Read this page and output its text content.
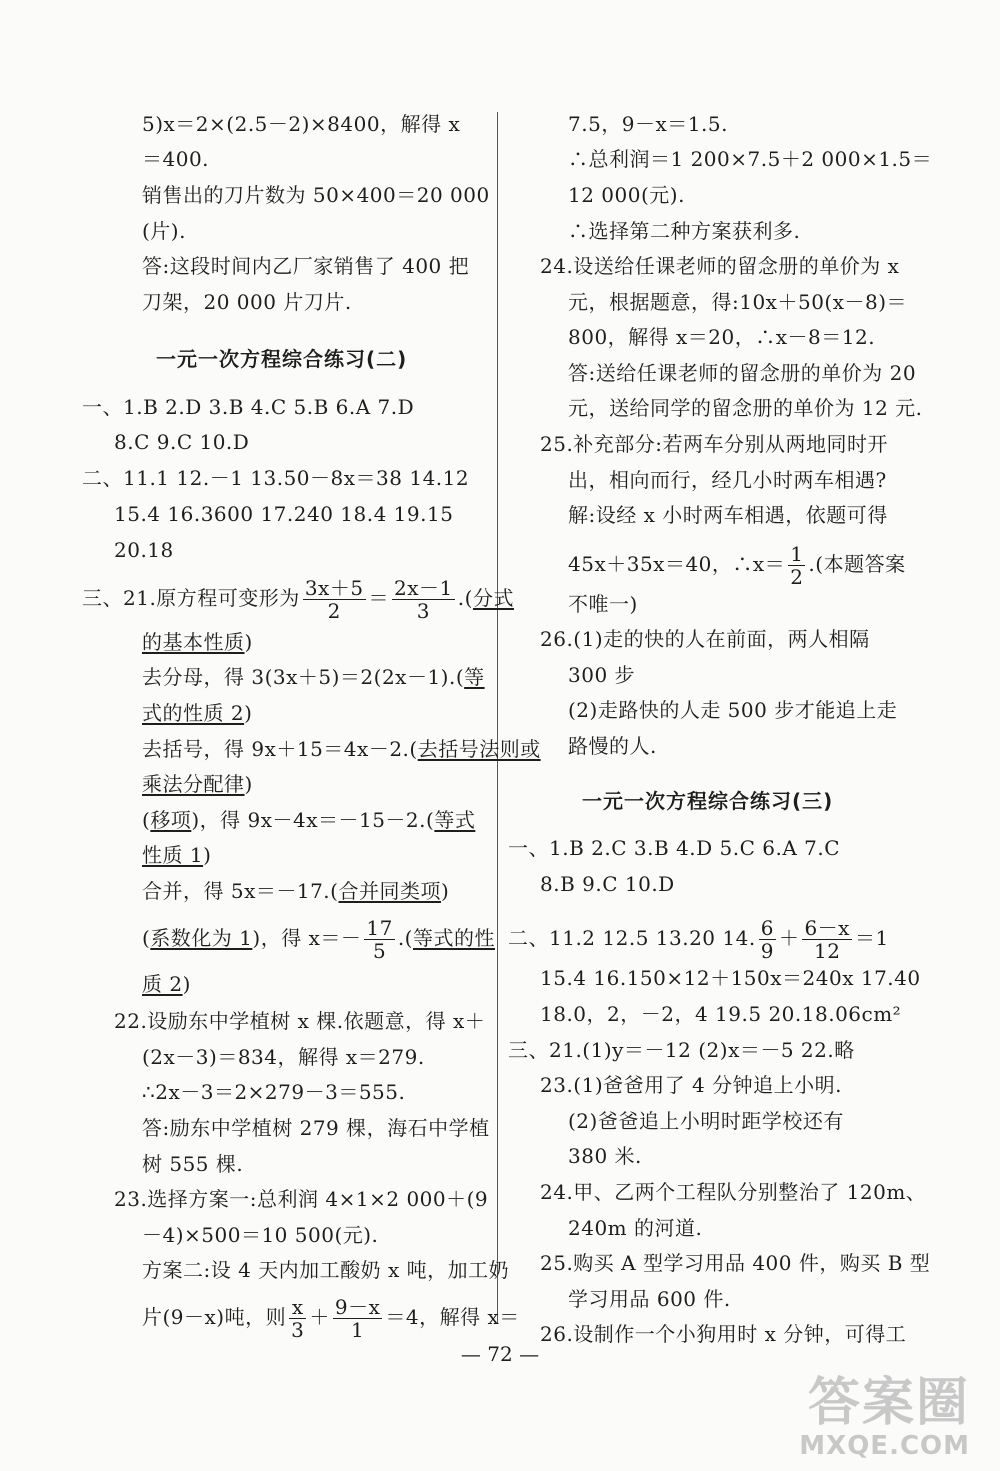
5)x＝2×(2.5－2)×8400，解得 x
＝400.
销售出的刀片数为 50×400＝20 000
(片).
答:这段时间内乙厂家销售了 400 把
刀架，20 000 片刀片.
一元一次方程综合练习(二)
一、1.B 2.D 3.B 4.C 5.B 6.A 7.D
8.C 9.C 10.D
二、11.1 12.－1 13.50－8x＝38 14.12
15.4 16.3600 17.240 18.4 19.15
20.18
三、21.原方程可变形为 $\frac{3x+5}{2} = \frac{2x-1}{3}$ .(分式
的基本性质)
去分母，得 3(3x＋5)＝2(2x－1).(等
式的性质 2)
去括号，得 9x＋15＝4x－2.(去括号法则或
乘法分配律)
(移项)，得 9x－4x＝－15－2.(等式
性质 1)
合并，得 5x＝－17.(合并同类项)
(系数化为 1)，得 $x=- \frac{17}{5}$ .(等式的性
质 2)
22.设励东中学植树 x 棵.依题意，得 x＋
(2x－3)＝834，解得 x＝279.
∴2x－3＝2×279－3＝555.
答:励东中学植树 279 棵，海石中学植
树 555 棵.
23.选择方案一:总利润 4×1×2 000＋(9
－4)×500＝10 500(元).
方案二:设 4 天内加工酸奶 x 吨，加工奶
片(9－x)吨，则 $\frac{x}{3} + \frac{9-x}{1} =4$，解得 x＝
7.5，9－x＝1.5.
∴总利润＝1 200×7.5＋2 000×1.5＝
12 000(元).
∴选择第二种方案获利多.
24.设送给任课老师的留念册的单价为 x
元，根据题意，得:10x＋50(x－8)＝
800，解得 x＝20，∴x－8＝12.
答:送给任课老师的留念册的单价为 20
元，送给同学的留念册的单价为 12 元.
25.补充部分:若两车分别从两地同时开
出，相向而行，经几小时两车相遇?
解:设经 x 小时两车相遇，依题可得
45x＋35x＝40，∴x＝ $\frac{1}{2}$ .(本题答案
不唯一)
26.(1)走的快的人在前面，两人相隔
300 步
(2)走路快的人走 500 步才能追上走
路慢的人.
一元一次方程综合练习(三)
一、1.B 2.C 3.B 4.D 5.C 6.A 7.C
8.B 9.C 10.D
二、11.2 12.5 13.20 14. $\frac{6}{9} + \frac{6-x}{12} =1$
15.4 16.150×12＋150x＝240x 17.40
18.0，2，－2，4 19.5 20.18.06cm²
三、21.(1)y＝－12 (2)x＝－5 22.略
23.(1)爸爸用了 4 分钟追上小明.
(2)爸爸追上小明时距学校还有
380 米.
24.甲、乙两个工程队分别整治了 120m、
240m 的河道.
25.购买 A 型学习用品 400 件，购买 B 型
学习用品 600 件.
26.设制作一个小狗用时 x 分钟，可得工
— 72 —
答案圈
MXQE.COM
